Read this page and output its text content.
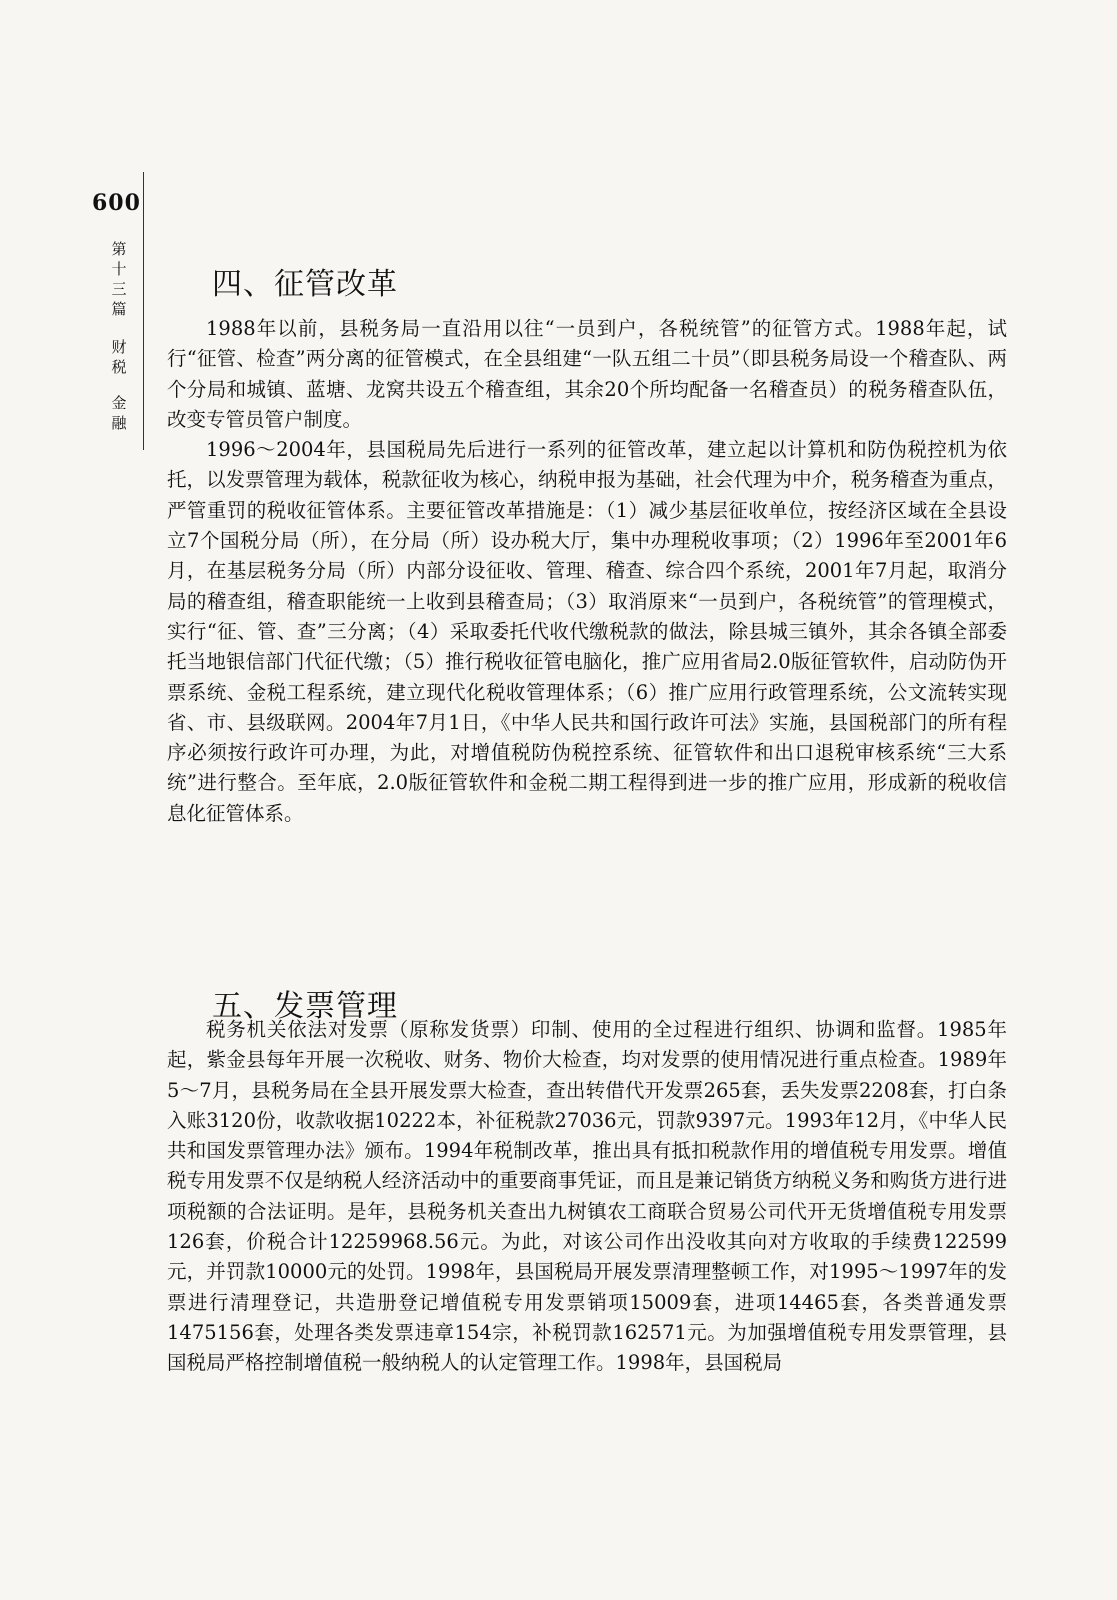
600
第
十
三
篇
财
税
金
融
四、征管改革

1988年以前，县税务局一直沿用以往“一员到户，各税统管”的征管方式。1988年起，试行“征管、检查”两分离的征管模式，在全县组建“一队五组二十员”（即县税务局设一个稽查队、两个分局和城镇、蓝塘、龙窝共设五个稽查组，其余20个所均配备一名稽查员）的税务稽查队伍，改变专管员管户制度。

1996～2004年，县国税局先后进行一系列的征管改革，建立起以计算机和防伪税控机为依托，以发票管理为载体，税款征收为核心，纳税申报为基础，社会代理为中介，税务稽查为重点，严管重罚的税收征管体系。主要征管改革措施是：（1）减少基层征收单位，按经济区域在全县设立7个国税分局（所），在分局（所）设办税大厅，集中办理税收事项；（2）1996年至2001年6月，在基层税务分局（所）内部分设征收、管理、稽查、综合四个系统，2001年7月起，取消分局的稽查组，稽查职能统一上收到县稽查局；（3）取消原来“一员到户，各税统管”的管理模式，实行“征、管、查”三分离；（4）采取委托代收代缴税款的做法，除县城三镇外，其余各镇全部委托当地银信部门代征代缴；（5）推行税收征管电脑化，推广应用省局2.0版征管软件，启动防伪开票系统、金税工程系统，建立现代化税收管理体系；（6）推广应用行政管理系统，公文流转实现省、市、县级联网。2004年7月1日，《中华人民共和国行政许可法》实施，县国税部门的所有程序必须按行政许可办理，为此，对增值税防伪税控系统、征管软件和出口退税审核系统“三大系统”进行整合。至年底，2.0版征管软件和金税二期工程得到进一步的推广应用，形成新的税收信息化征管体系。

五、发票管理

税务机关依法对发票（原称发货票）印制、使用的全过程进行组织、协调和监督。1985年起，紫金县每年开展一次税收、财务、物价大检查，均对发票的使用情况进行重点检查。1989年5～7月，县税务局在全县开展发票大检查，查出转借代开发票265套，丢失发票2208套，打白条入账3120份，收款收据10222本，补征税款27036元，罚款9397元。1993年12月，《中华人民共和国发票管理办法》颁布。1994年税制改革，推出具有抵扣税款作用的增值税专用发票。增值税专用发票不仅是纳税人经济活动中的重要商事凭证，而且是兼记销货方纳税义务和购货方进行进项税额的合法证明。是年，县税务机关查出九树镇农工商联合贸易公司代开无货增值税专用发票126套，价税合计12259968.56元。为此，对该公司作出没收其向对方收取的手续费122599元，并罚款10000元的处罚。1998年，县国税局开展发票清理整顿工作，对1995～1997年的发票进行清理登记，共造册登记增值税专用发票销项15009套，进项14465套，各类普通发票1475156套，处理各类发票违章154宗，补税罚款162571元。为加强增值税专用发票管理，县国税局严格控制增值税一般纳税人的认定管理工作。1998年，县国税局
